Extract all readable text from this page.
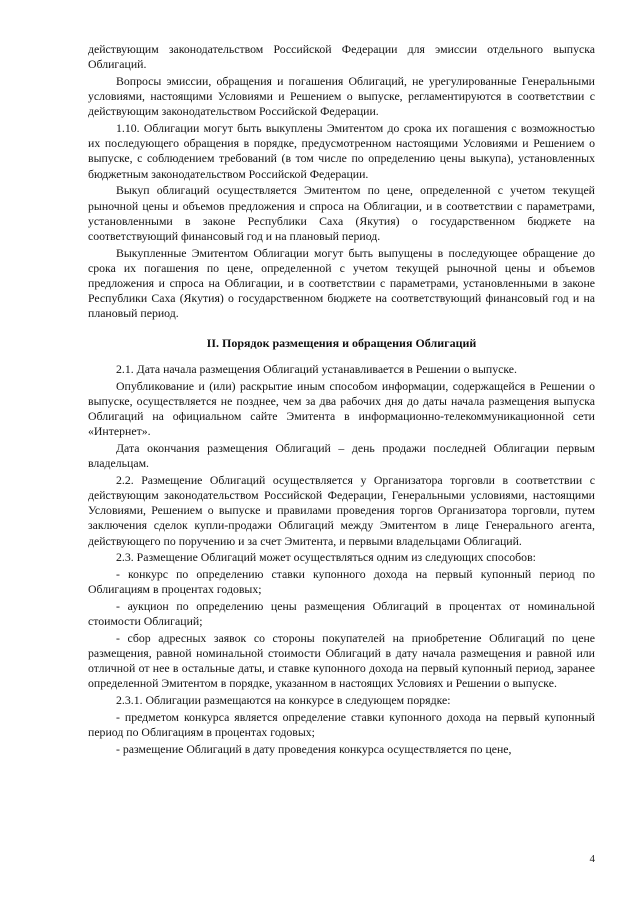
действующим законодательством Российской Федерации для эмиссии отдельного выпуска Облигаций.

Вопросы эмиссии, обращения и погашения Облигаций, не урегулированные Генеральными условиями, настоящими Условиями и Решением о выпуске, регламентируются в соответствии с действующим законодательством Российской Федерации.

1.10. Облигации могут быть выкуплены Эмитентом до срока их погашения с возможностью их последующего обращения в порядке, предусмотренном настоящими Условиями и Решением о выпуске, с соблюдением требований (в том числе по определению цены выкупа), установленных бюджетным законодательством Российской Федерации.

Выкуп облигаций осуществляется Эмитентом по цене, определенной с учетом текущей рыночной цены и объемов предложения и спроса на Облигации, и в соответствии с параметрами, установленными в законе Республики Саха (Якутия) о государственном бюджете на соответствующий финансовый год и на плановый период.

Выкупленные Эмитентом Облигации могут быть выпущены в последующее обращение до срока их погашения по цене, определенной с учетом текущей рыночной цены и объемов предложения и спроса на Облигации, и в соответствии с параметрами, установленными в законе Республики Саха (Якутия) о государственном бюджете на соответствующий финансовый год и на плановый период.

II. Порядок размещения и обращения Облигаций

2.1. Дата начала размещения Облигаций устанавливается в Решении о выпуске.

Опубликование и (или) раскрытие иным способом информации, содержащейся в Решении о выпуске, осуществляется не позднее, чем за два рабочих дня до даты начала размещения выпуска Облигаций на официальном сайте Эмитента в информационно-телекоммуникационной сети «Интернет».

Дата окончания размещения Облигаций – день продажи последней Облигации первым владельцам.

2.2. Размещение Облигаций осуществляется у Организатора торговли в соответствии с действующим законодательством Российской Федерации, Генеральными условиями, настоящими Условиями, Решением о выпуске и правилами проведения торгов Организатора торговли, путем заключения сделок купли-продажи Облигаций между Эмитентом в лице Генерального агента, действующего по поручению и за счет Эмитента, и первыми владельцами Облигаций.

2.3. Размещение Облигаций может осуществляться одним из следующих способов:

- конкурс по определению ставки купонного дохода на первый купонный период по Облигациям в процентах годовых;

- аукцион по определению цены размещения Облигаций в процентах от номинальной стоимости Облигаций;

- сбор адресных заявок со стороны покупателей на приобретение Облигаций по цене размещения, равной номинальной стоимости Облигаций в дату начала размещения и равной или отличной от нее в остальные даты, и ставке купонного дохода на первый купонный период, заранее определенной Эмитентом в порядке, указанном в настоящих Условиях и Решении о выпуске.

2.3.1. Облигации размещаются на конкурсе в следующем порядке:

- предметом конкурса является определение ставки купонного дохода на первый купонный период по Облигациям в процентах годовых;

- размещение Облигаций в дату проведения конкурса осуществляется по цене,

4
